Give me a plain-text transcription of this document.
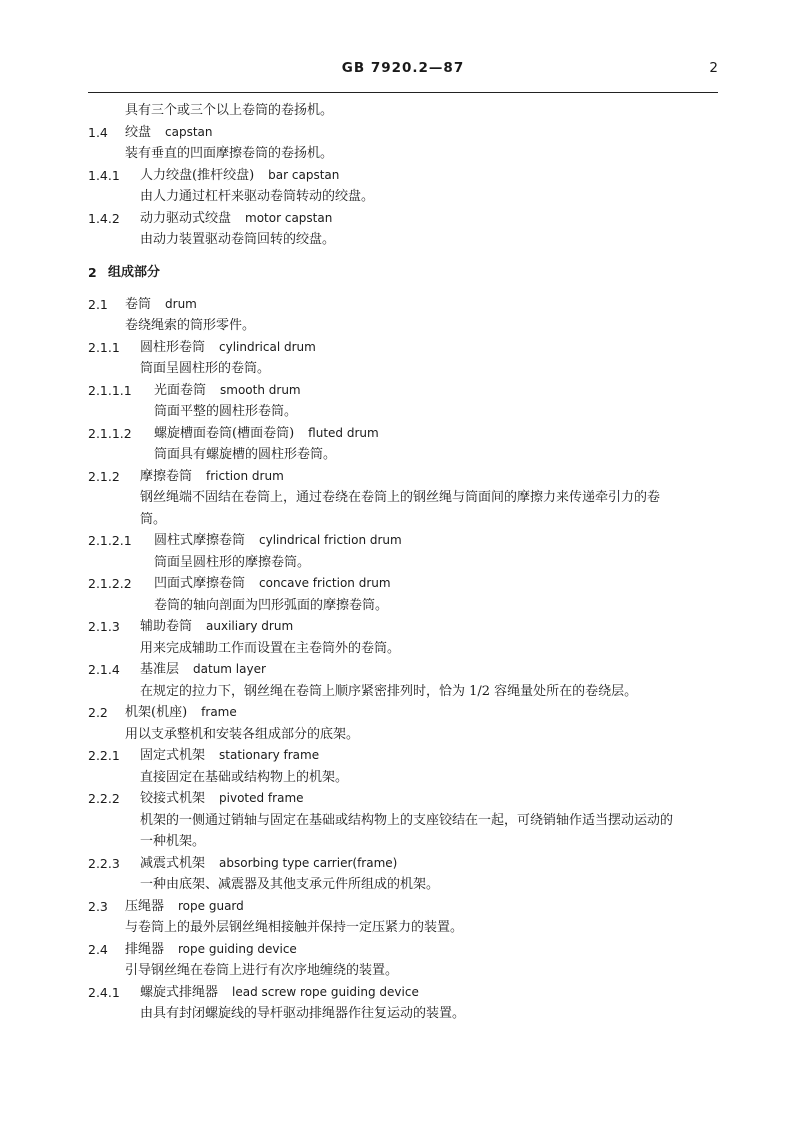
GB 7920.2—87	2
具有三个或三个以上卷筒的卷扬机。
1.4 绞盘 capstan
装有垂直的凹面摩擦卷筒的卷扬机。
1.4.1 人力绞盘(推杆绞盘) bar capstan
由人力通过杠杆来驱动卷筒转动的绞盘。
1.4.2 动力驱动式绞盘 motor capstan
由动力装置驱动卷筒回转的绞盘。
2 组成部分
2.1 卷筒 drum
卷绕绳索的筒形零件。
2.1.1 圆柱形卷筒 cylindrical drum
筒面呈圆柱形的卷筒。
2.1.1.1 光面卷筒 smooth drum
筒面平整的圆柱形卷筒。
2.1.1.2 螺旋槽面卷筒(槽面卷筒) fluted drum
筒面具有螺旋槽的圆柱形卷筒。
2.1.2 摩擦卷筒 friction drum
钢丝绳端不固结在卷筒上，通过卷绕在卷筒上的钢丝绳与筒面间的摩擦力来传递牵引力的卷
筒。
2.1.2.1 圆柱式摩擦卷筒 cylindrical friction drum
筒面呈圆柱形的摩擦卷筒。
2.1.2.2 凹面式摩擦卷筒 concave friction drum
卷筒的轴向剖面为凹形弧面的摩擦卷筒。
2.1.3 辅助卷筒 auxiliary drum
用来完成辅助工作而设置在主卷筒外的卷筒。
2.1.4 基准层 datum layer
在规定的拉力下，钢丝绳在卷筒上顺序紧密排列时，恰为 1/2 容绳量处所在的卷绕层。
2.2 机架(机座) frame
用以支承整机和安装各组成部分的底架。
2.2.1 固定式机架 stationary frame
直接固定在基础或结构物上的机架。
2.2.2 铰接式机架 pivoted frame
机架的一侧通过销轴与固定在基础或结构物上的支座铰结在一起，可绕销轴作适当摆动运动的
一种机架。
2.2.3 减震式机架 absorbing type carrier(frame)
一种由底架、减震器及其他支承元件所组成的机架。
2.3 压绳器 rope guard
与卷筒上的最外层钢丝绳相接触并保持一定压紧力的装置。
2.4 排绳器 rope guiding device
引导钢丝绳在卷筒上进行有次序地缠绕的装置。
2.4.1 螺旋式排绳器 lead screw rope guiding device
由具有封闭螺旋线的导杆驱动排绳器作往复运动的装置。
